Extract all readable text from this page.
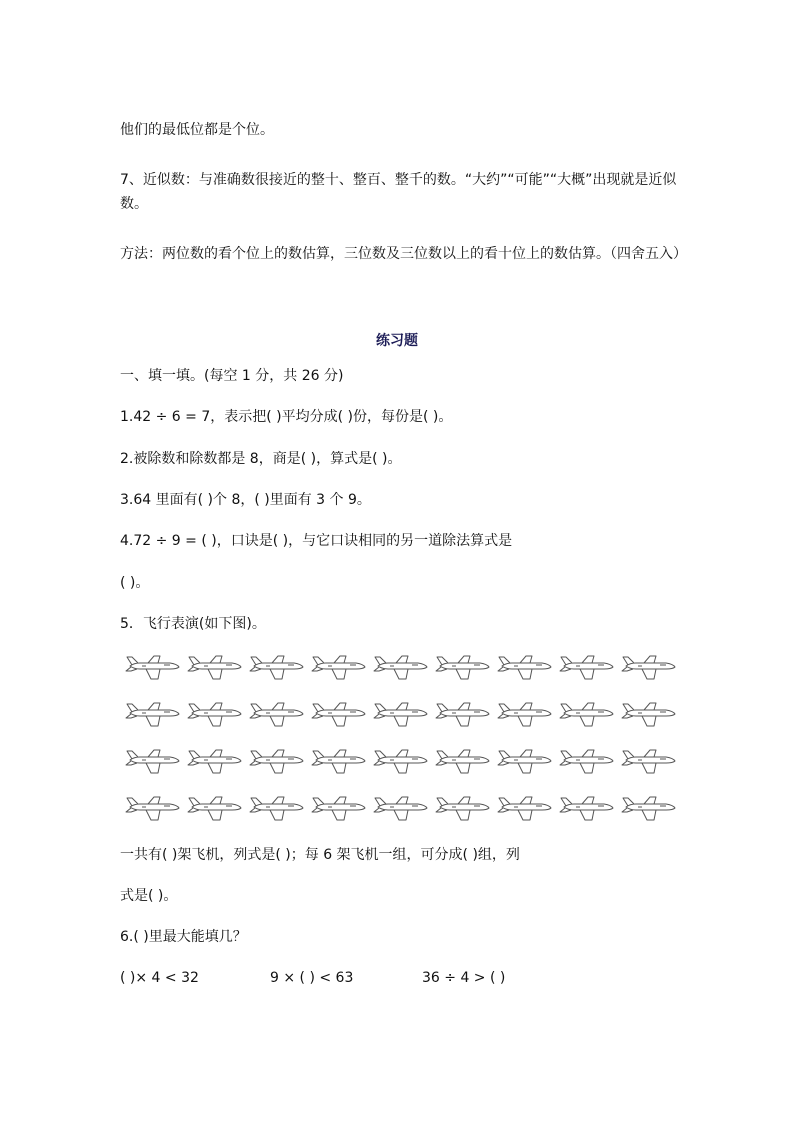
他们的最低位都是个位。
7、近似数：与准确数很接近的整十、整百、整千的数。“大约”“可能”“大概”出现就是近似数。
方法：两位数的看个位上的数估算，三位数及三位数以上的看十位上的数估算。（四舍五入）
练习题
一、填一填。(每空 1 分，共 26 分)
1.42 ÷ 6 = 7，表示把( )平均分成( )份，每份是( )。
2.被除数和除数都是 8，商是( )，算式是( )。
3.64 里面有( )个 8，( )里面有 3 个 9。
4.72 ÷ 9 = ( )，口诀是( )，与它口诀相同的另一道除法算式是
( )。
5．飞行表演(如下图)。
一共有( )架飞机，列式是( )；每 6 架飞机一组，可分成( )组，列
式是( )。
6.( )里最大能填几？
( )× 4 < 32	9 × ( ) < 63	36 ÷ 4 > ( )
